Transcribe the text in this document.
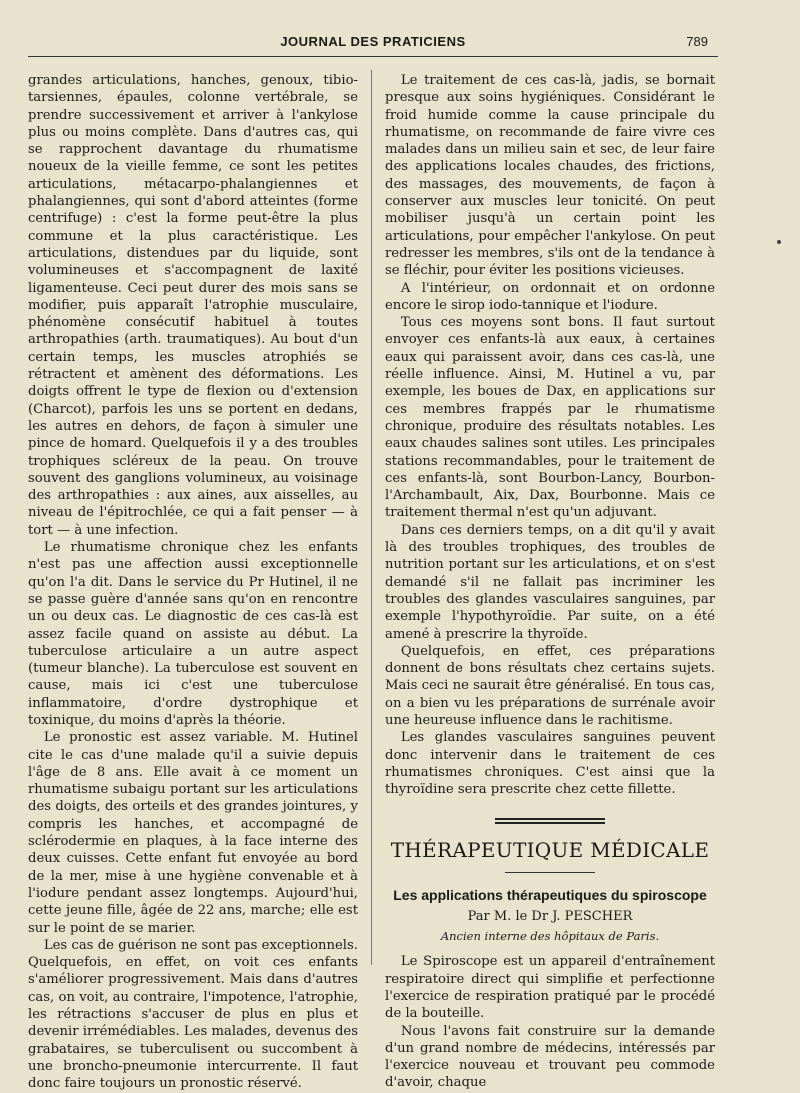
JOURNAL DES PRATICIENS	789

grandes articulations, hanches, genoux, tibio-tarsiennes, épaules, colonne vertébrale, se prendre successivement et arriver à l'ankylose plus ou moins complète. Dans d'autres cas, qui se rapprochent davantage du rhumatisme noueux de la vieille femme, ce sont les petites articulations, métacarpo-phalangiennes et phalangiennes, qui sont d'abord atteintes (forme centrifuge) : c'est la forme peut-être la plus commune et la plus caractéristique. Les articulations, distendues par du liquide, sont volumineuses et s'accompagnent de laxité ligamenteuse. Ceci peut durer des mois sans se modifier, puis apparaît l'atrophie musculaire, phénomène consécutif habituel à toutes arthropathies (arth. traumatiques). Au bout d'un certain temps, les muscles atrophiés se rétractent et amènent des déformations. Les doigts offrent le type de flexion ou d'extension (Charcot), parfois les uns se portent en dedans, les autres en dehors, de façon à simuler une pince de homard. Quelquefois il y a des troubles trophiques scléreux de la peau. On trouve souvent des ganglions volumineux, au voisinage des arthropathies : aux aines, aux aisselles, au niveau de l'épitrochlée, ce qui a fait penser — à tort — à une infection.

Le rhumatisme chronique chez les enfants n'est pas une affection aussi exceptionnelle qu'on l'a dit. Dans le service du Pr Hutinel, il ne se passe guère d'année sans qu'on en rencontre un ou deux cas. Le diagnostic de ces cas-là est assez facile quand on assiste au début. La tuberculose articulaire a un autre aspect (tumeur blanche). La tuberculose est souvent en cause, mais ici c'est une tuberculose inflammatoire, d'ordre dystrophique et toxinique, du moins d'après la théorie.

Le pronostic est assez variable. M. Hutinel cite le cas d'une malade qu'il a suivie depuis l'âge de 8 ans. Elle avait à ce moment un rhumatisme subaigu portant sur les articulations des doigts, des orteils et des grandes jointures, y compris les hanches, et accompagné de sclérodermie en plaques, à la face interne des deux cuisses. Cette enfant fut envoyée au bord de la mer, mise à une hygiène convenable et à l'iodure pendant assez longtemps. Aujourd'hui, cette jeune fille, âgée de 22 ans, marche; elle est sur le point de se marier.

Les cas de guérison ne sont pas exceptionnels. Quelquefois, en effet, on voit ces enfants s'améliorer progressivement. Mais dans d'autres cas, on voit, au contraire, l'impotence, l'atrophie, les rétractions s'accuser de plus en plus et devenir irrémédiables. Les malades, devenus des grabataires, se tuberculisent ou succombent à une broncho-pneumonie intercurrente. Il faut donc faire toujours un pronostic réservé.

Le traitement de ces cas-là, jadis, se bornait presque aux soins hygiéniques. Considérant le froid humide comme la cause principale du rhumatisme, on recommande de faire vivre ces malades dans un milieu sain et sec, de leur faire des applications locales chaudes, des frictions, des massages, des mouvements, de façon à conserver aux muscles leur tonicité. On peut mobiliser jusqu'à un certain point les articulations, pour empêcher l'ankylose. On peut redresser les membres, s'ils ont de la tendance à se fléchir, pour éviter les positions vicieuses.

A l'intérieur, on ordonnait et on ordonne encore le sirop iodo-tannique et l'iodure.

Tous ces moyens sont bons. Il faut surtout envoyer ces enfants-là aux eaux, à certaines eaux qui paraissent avoir, dans ces cas-là, une réelle influence. Ainsi, M. Hutinel a vu, par exemple, les boues de Dax, en applications sur ces membres frappés par le rhumatisme chronique, produire des résultats notables. Les eaux chaudes salines sont utiles. Les principales stations recommandables, pour le traitement de ces enfants-là, sont Bourbon-Lancy, Bourbon-l'Archambault, Aix, Dax, Bourbonne. Mais ce traitement thermal n'est qu'un adjuvant.

Dans ces derniers temps, on a dit qu'il y avait là des troubles trophiques, des troubles de nutrition portant sur les articulations, et on s'est demandé s'il ne fallait pas incriminer les troubles des glandes vasculaires sanguines, par exemple l'hypothyroïdie. Par suite, on a été amené à prescrire la thyroïde.

Quelquefois, en effet, ces préparations donnent de bons résultats chez certains sujets. Mais ceci ne saurait être généralisé. En tous cas, on a bien vu les préparations de surrénale avoir une heureuse influence dans le rachitisme.

Les glandes vasculaires sanguines peuvent donc intervenir dans le traitement de ces rhumatismes chroniques. C'est ainsi que la thyroïdine sera prescrite chez cette fillette.

THÉRAPEUTIQUE MÉDICALE
Les applications thérapeutiques du spiroscope
Par M. le Dr J. PESCHER
Ancien interne des hôpitaux de Paris.

Le Spiroscope est un appareil d'entraînement respiratoire direct qui simplifie et perfectionne l'exercice de respiration pratiqué par le procédé de la bouteille.

Nous l'avons fait construire sur la demande d'un grand nombre de médecins, intéressés par l'exercice nouveau et trouvant peu commode d'avoir, chaque
